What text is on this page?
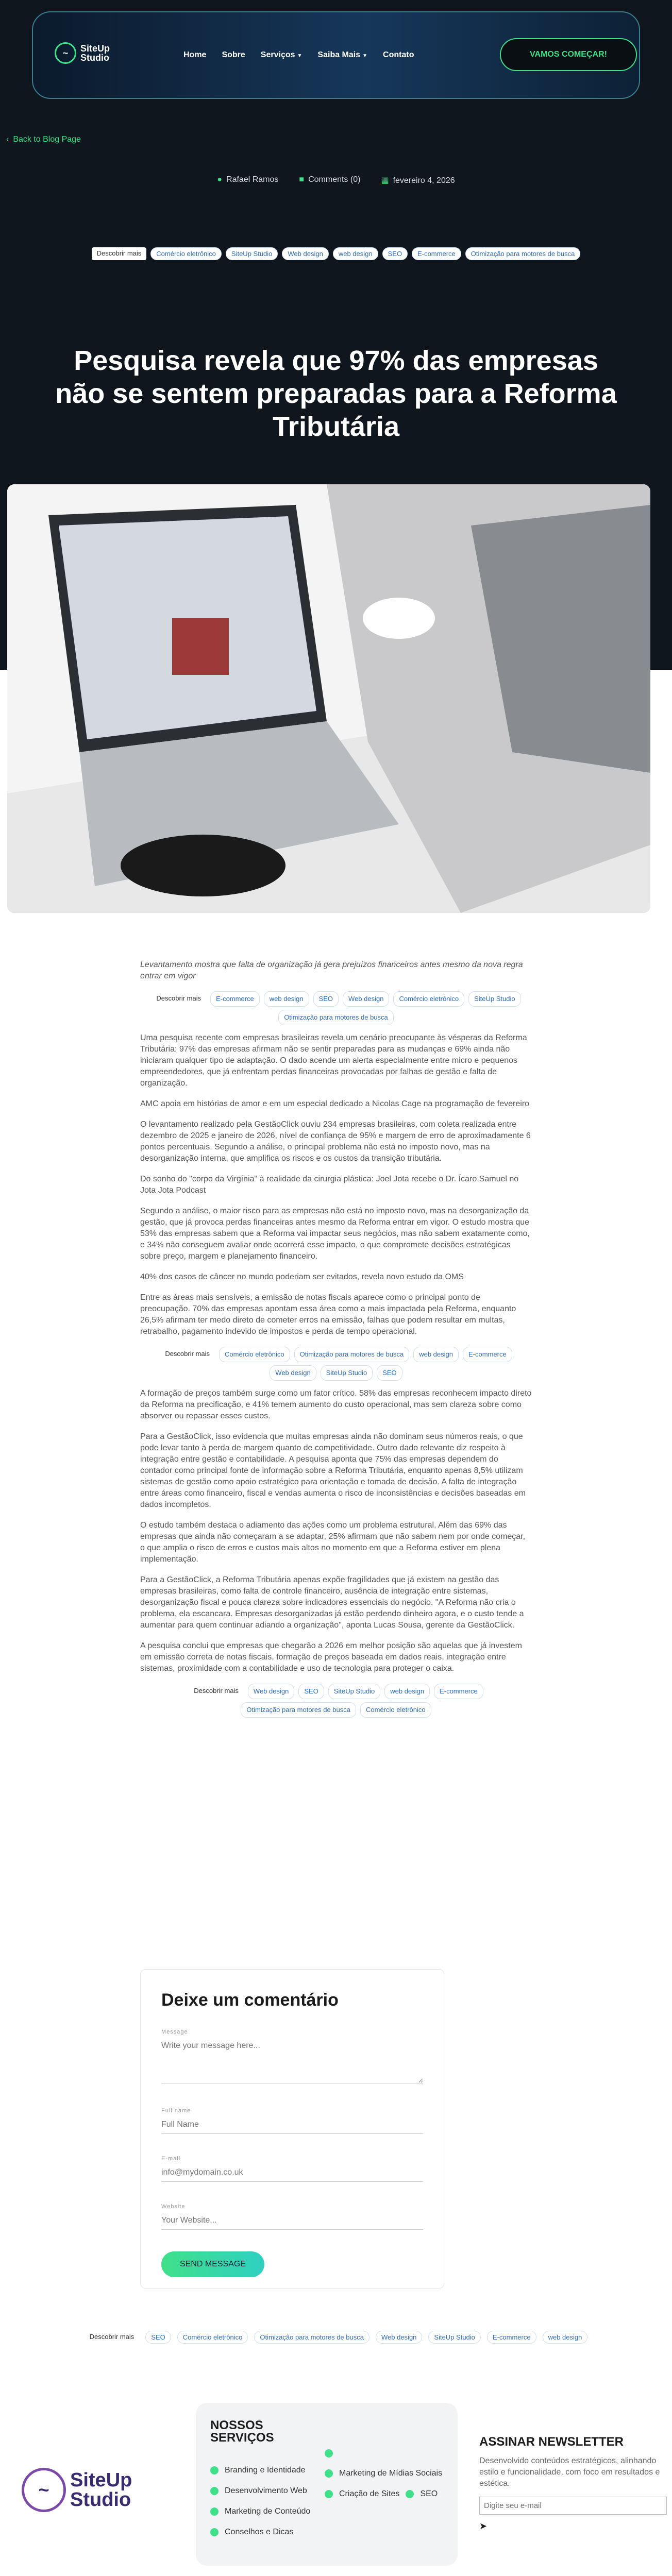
~	SiteUp
Studio	Home Sobre Serviços ▼ Saiba Mais ▼ Contato	VAMOS COMEÇAR!
‹ Back to Blog Page
● Rafael Ramos	■ Comments (0)	▦ fevereiro 4, 2026
Descobrir mais	Comércio eletrônico	SiteUp Studio	Web design	web design	SEO	E-commerce	Otimização para motores de busca
Pesquisa revela que 97% das empresas não se sentem preparadas para a Reforma Tributária

Levantamento mostra que falta de organização já gera prejuízos financeiros antes mesmo da nova regra entrar em vigor

Descobrir mais	E-commerce	web design	SEO	Web design	Comércio eletrônico	SiteUp Studio
Otimização para motores de busca

Uma pesquisa recente com empresas brasileiras revela um cenário preocupante às vésperas da Reforma Tributária: 97% das empresas afirmam não se sentir preparadas para as mudanças e 69% ainda não iniciaram qualquer tipo de adaptação. O dado acende um alerta especialmente entre micro e pequenos empreendedores, que já enfrentam perdas financeiras provocadas por falhas de gestão e falta de organização.

AMC apoia em histórias de amor e em um especial dedicado a Nicolas Cage na programação de fevereiro

O levantamento realizado pela GestãoClick ouviu 234 empresas brasileiras, com coleta realizada entre dezembro de 2025 e janeiro de 2026, nível de confiança de 95% e margem de erro de aproximadamente 6 pontos percentuais. Segundo a análise, o principal problema não está no imposto novo, mas na desorganização interna, que amplifica os riscos e os custos da transição tributária.

Do sonho do "corpo da Virgínia" à realidade da cirurgia plástica: Joel Jota recebe o Dr. Ícaro Samuel no Jota Jota Podcast

Segundo a análise, o maior risco para as empresas não está no imposto novo, mas na desorganização da gestão, que já provoca perdas financeiras antes mesmo da Reforma entrar em vigor. O estudo mostra que 53% das empresas sabem que a Reforma vai impactar seus negócios, mas não sabem exatamente como, e 34% não conseguem avaliar onde ocorrerá esse impacto, o que compromete decisões estratégicas sobre preço, margem e planejamento financeiro.

40% dos casos de câncer no mundo poderiam ser evitados, revela novo estudo da OMS

Entre as áreas mais sensíveis, a emissão de notas fiscais aparece como o principal ponto de preocupação. 70% das empresas apontam essa área como a mais impactada pela Reforma, enquanto 26,5% afirmam ter medo direto de cometer erros na emissão, falhas que podem resultar em multas, retrabalho, pagamento indevido de impostos e perda de tempo operacional.

Descobrir mais	Comércio eletrônico	Otimização para motores de busca	web design	E-commerce
Web design	SiteUp Studio	SEO

A formação de preços também surge como um fator crítico. 58% das empresas reconhecem impacto direto da Reforma na precificação, e 41% temem aumento do custo operacional, mas sem clareza sobre como absorver ou repassar esses custos.

Para a GestãoClick, isso evidencia que muitas empresas ainda não dominam seus números reais, o que pode levar tanto à perda de margem quanto de competitividade. Outro dado relevante diz respeito à integração entre gestão e contabilidade. A pesquisa aponta que 75% das empresas dependem do contador como principal fonte de informação sobre a Reforma Tributária, enquanto apenas 8,5% utilizam sistemas de gestão como apoio estratégico para orientação e tomada de decisão. A falta de integração entre áreas como financeiro, fiscal e vendas aumenta o risco de inconsistências e decisões baseadas em dados incompletos.

O estudo também destaca o adiamento das ações como um problema estrutural. Além das 69% das empresas que ainda não começaram a se adaptar, 25% afirmam que não sabem nem por onde começar, o que amplia o risco de erros e custos mais altos no momento em que a Reforma estiver em plena implementação.

Para a GestãoClick, a Reforma Tributária apenas expõe fragilidades que já existem na gestão das empresas brasileiras, como falta de controle financeiro, ausência de integração entre sistemas, desorganização fiscal e pouca clareza sobre indicadores essenciais do negócio. "A Reforma não cria o problema, ela escancara. Empresas desorganizadas já estão perdendo dinheiro agora, e o custo tende a aumentar para quem continuar adiando a organização", aponta Lucas Sousa, gerente da GestãoClick.

A pesquisa conclui que empresas que chegarão a 2026 em melhor posição são aquelas que já investem em emissão correta de notas fiscais, formação de preços baseada em dados reais, integração entre sistemas, proximidade com a contabilidade e uso de tecnologia para proteger o caixa.

Descobrir mais	Web design	SEO	SiteUp Studio	web design	E-commerce
Otimização para motores de busca	Comércio eletrônico
Deixe um comentário
Message
Write your message here...
Full name
Full Name
E-mail
info@mydomain.co.uk
Website
Your Website... SEND MESSAGE
Descobrir mais	SEO	Comércio eletrônico	Otimização para motores de busca	Web design	SiteUp Studio	E-commerce	web design
~	SiteUp
Studio
NOSSOS SERVIÇOS
Branding e Identidade
Desenvolvimento Web
Marketing de Conteúdo
Conselhos e Dicas
Marketing de Mídias Sociais
Criação de Sites	SEO
ASSINAR NEWSLETTER

Desenvolvido conteúdos estratégicos, alinhando estilo e funcionalidade, com foco em resultados e estética.

Digite seu e-mail
➤
